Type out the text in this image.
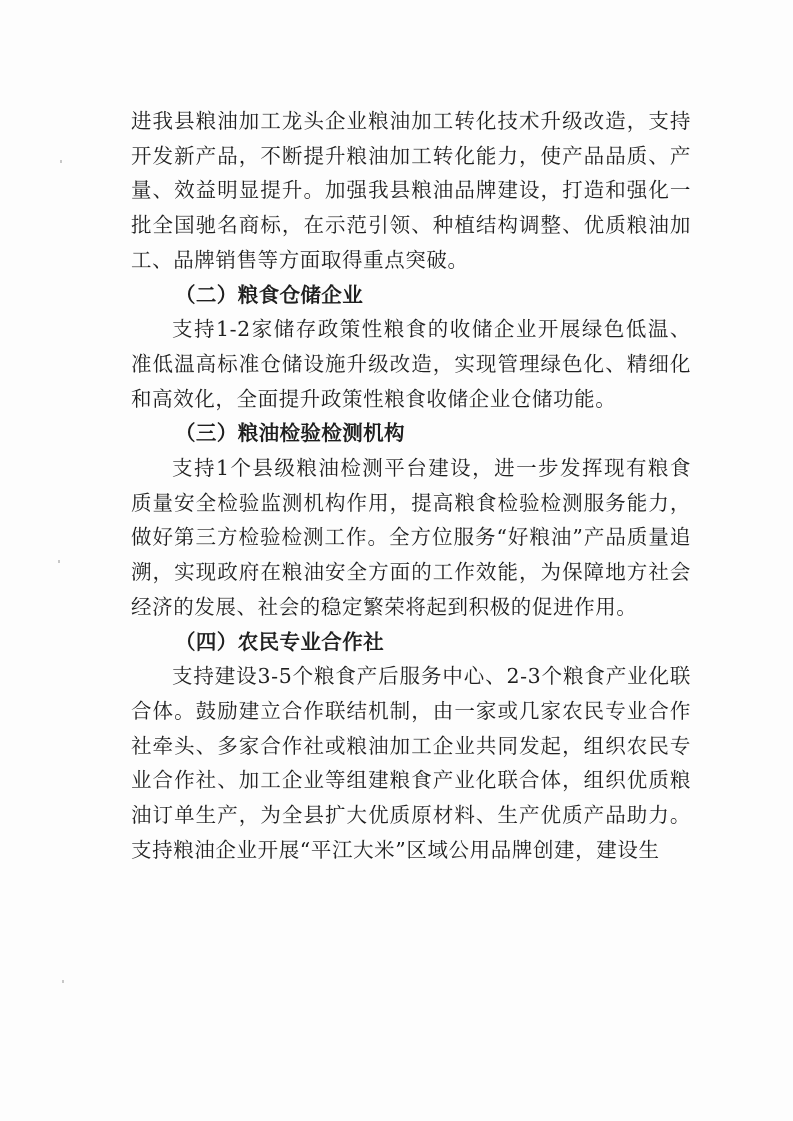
进我县粮油加工龙头企业粮油加工转化技术升级改造，支持开发新产品，不断提升粮油加工转化能力，使产品品质、产量、效益明显提升。加强我县粮油品牌建设，打造和强化一批全国驰名商标，在示范引领、种植结构调整、优质粮油加工、品牌销售等方面取得重点突破。

（二）粮食仓储企业

支持1-2家储存政策性粮食的收储企业开展绿色低温、准低温高标准仓储设施升级改造，实现管理绿色化、精细化和高效化，全面提升政策性粮食收储企业仓储功能。

（三）粮油检验检测机构

支持1个县级粮油检测平台建设，进一步发挥现有粮食质量安全检验监测机构作用，提高粮食检验检测服务能力，做好第三方检验检测工作。全方位服务“好粮油”产品质量追溯，实现政府在粮油安全方面的工作效能，为保障地方社会经济的发展、社会的稳定繁荣将起到积极的促进作用。

（四）农民专业合作社

支持建设3-5个粮食产后服务中心、2-3个粮食产业化联合体。鼓励建立合作联结机制，由一家或几家农民专业合作社牵头、多家合作社或粮油加工企业共同发起，组织农民专业合作社、加工企业等组建粮食产业化联合体，组织优质粮油订单生产，为全县扩大优质原材料、生产优质产品助力。支持粮油企业开展“平江大米”区域公用品牌创建，建设生
